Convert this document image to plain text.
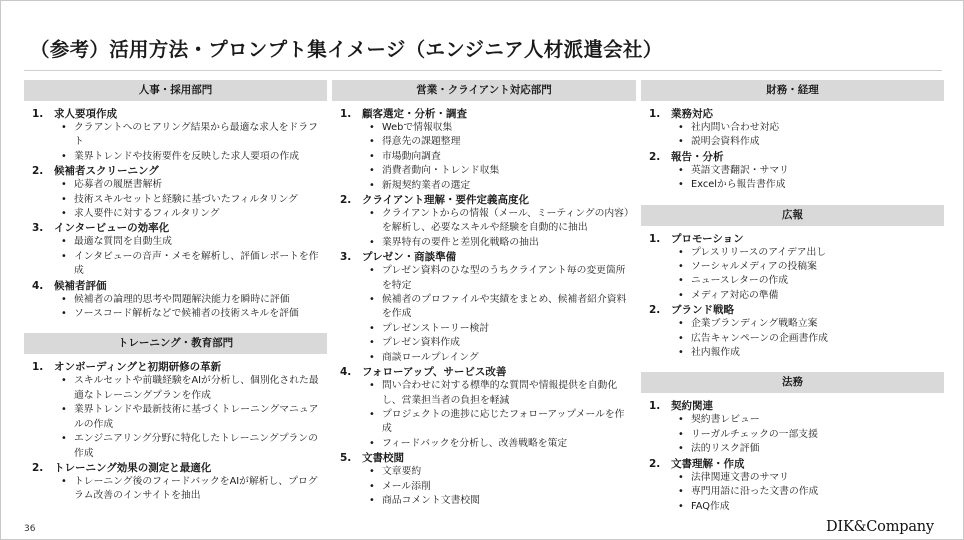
（参考）活用方法・プロンプト集イメージ（エンジニア人材派遣会社）
人事・採用部門
1.	求人要項作成
• クラアントへのヒアリング結果から最適な求人をドラフト
• 業界トレンドや技術要件を反映した求人要項の作成
2.	候補者スクリーニング
• 応募者の履歴書解析
• 技術スキルセットと経験に基づいたフィルタリング
• 求人要件に対するフィルタリング
3.	インタービューの効率化
• 最適な質問を自動生成
• インタビューの音声・メモを解析し、評価レポートを作成
4.	候補者評価
• 候補者の論理的思考や問題解決能力を瞬時に評価
• ソースコード解析などで候補者の技術スキルを評価
トレーニング・教育部門
1.	オンボーディングと初期研修の革新
• スキルセットや前職経験をAIが分析し、個別化された最適なトレーニングプランを作成
• 業界トレンドや最新技術に基づくトレーニングマニュアルの作成
• エンジニアリング分野に特化したトレーニングプランの作成
2.	トレーニング効果の測定と最適化
• トレーニング後のフィードバックをAIが解析し、プログラム改善のインサイトを抽出
営業・クライアント対応部門
1.	顧客選定・分析・調査
• Webで情報収集
• 得意先の課題整理
• 市場動向調査
• 消費者動向・トレンド収集
• 新規契約業者の選定
2.	クライアント理解・要件定義高度化
• クライアントからの情報（メール、ミーティングの内容）を解析し、必要なスキルや経験を自動的に抽出
• 業界特有の要件と差別化戦略の抽出
3.	プレゼン・商談準備
• プレゼン資料のひな型のうちクライアント毎の変更箇所を特定
• 候補者のプロファイルや実績をまとめ、候補者紹介資料を作成
• プレゼンストーリー検討
• プレゼン資料作成
• 商談ロールプレイング
4.	フォローアップ、サービス改善
• 問い合わせに対する標準的な質問や情報提供を自動化し、営業担当者の負担を軽減
• プロジェクトの進捗に応じたフォローアップメールを作成
• フィードバックを分析し、改善戦略を策定
5.	文書校閲
• 文章要約
• メール添削
• 商品コメント文書校閲
財務・経理
1.	業務対応
• 社内問い合わせ対応
• 説明会資料作成
2.	報告・分析
• 英語文書翻訳・サマリ
• Excelから報告書作成
広報
1.	プロモーション
• プレスリリースのアイデア出し
• ソーシャルメディアの投稿案
• ニュースレターの作成
• メディア対応の準備
2.	ブランド戦略
• 企業ブランディング戦略立案
• 広告キャンペーンの企画書作成
• 社内報作成
法務
1.	契約関連
• 契約書レビュー
• リーガルチェックの一部支援
• 法的リスク評価
2.	文書理解・作成
• 法律関連文書のサマリ
• 専門用語に沿った文書の作成
• FAQ作成
36	DIK&Company
